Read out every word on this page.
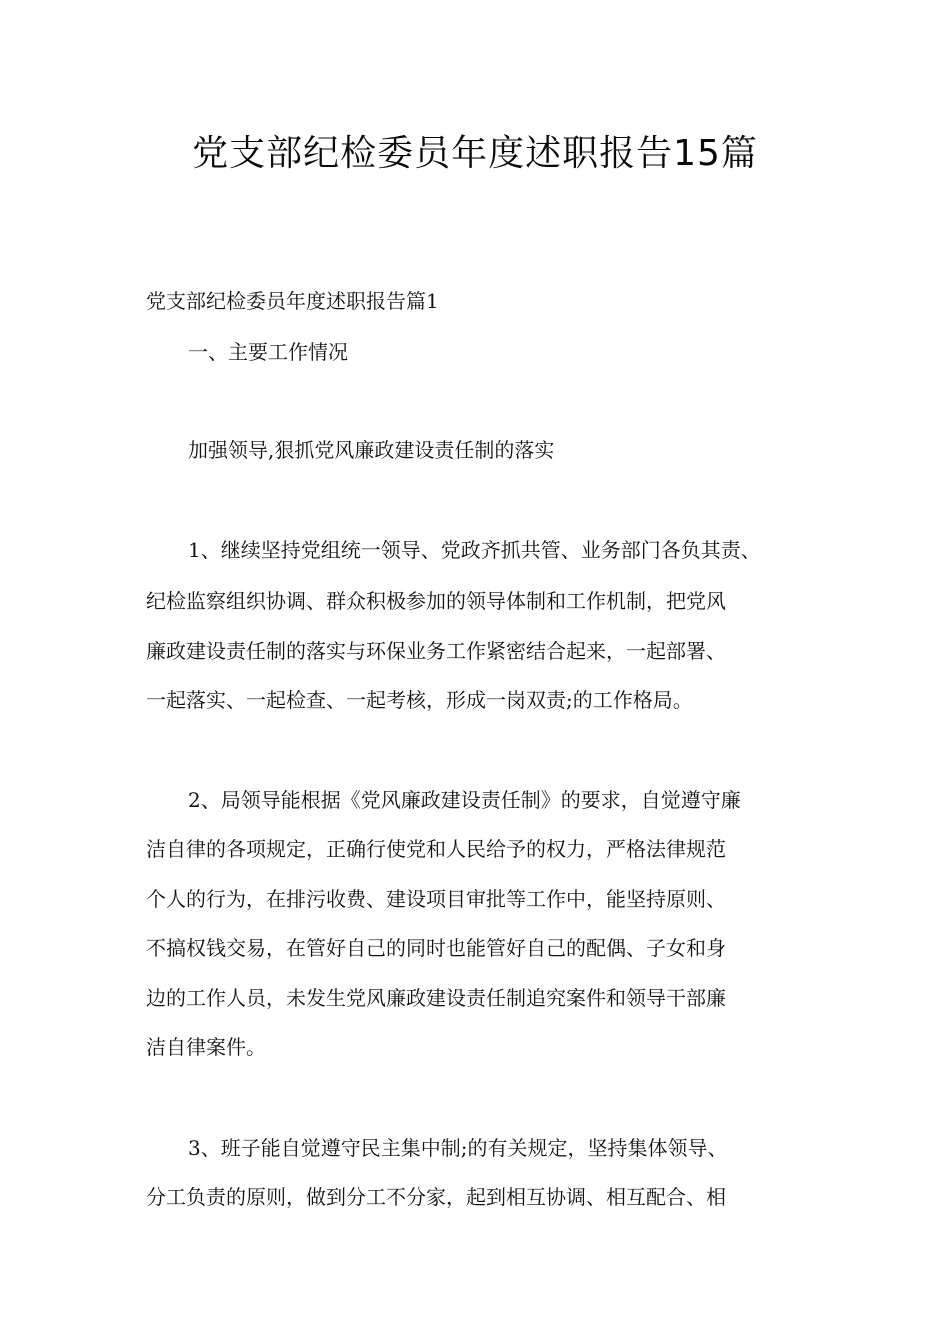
党支部纪检委员年度述职报告15篇

党支部纪检委员年度述职报告篇1

一、主要工作情况

加强领导,狠抓党风廉政建设责任制的落实

1、继续坚持党组统一领导、党政齐抓共管、业务部门各负其责、

纪检监察组织协调、群众积极参加的领导体制和工作机制，把党风

廉政建设责任制的落实与环保业务工作紧密结合起来，一起部署、

一起落实、一起检查、一起考核，形成一岗双责;的工作格局。

2、局领导能根据《党风廉政建设责任制》的要求，自觉遵守廉

洁自律的各项规定，正确行使党和人民给予的权力，严格法律规范

个人的行为，在排污收费、建设项目审批等工作中，能坚持原则、

不搞权钱交易，在管好自己的同时也能管好自己的配偶、子女和身

边的工作人员，未发生党风廉政建设责任制追究案件和领导干部廉

洁自律案件。

3、班子能自觉遵守民主集中制;的有关规定，坚持集体领导、

分工负责的原则，做到分工不分家，起到相互协调、相互配合、相
